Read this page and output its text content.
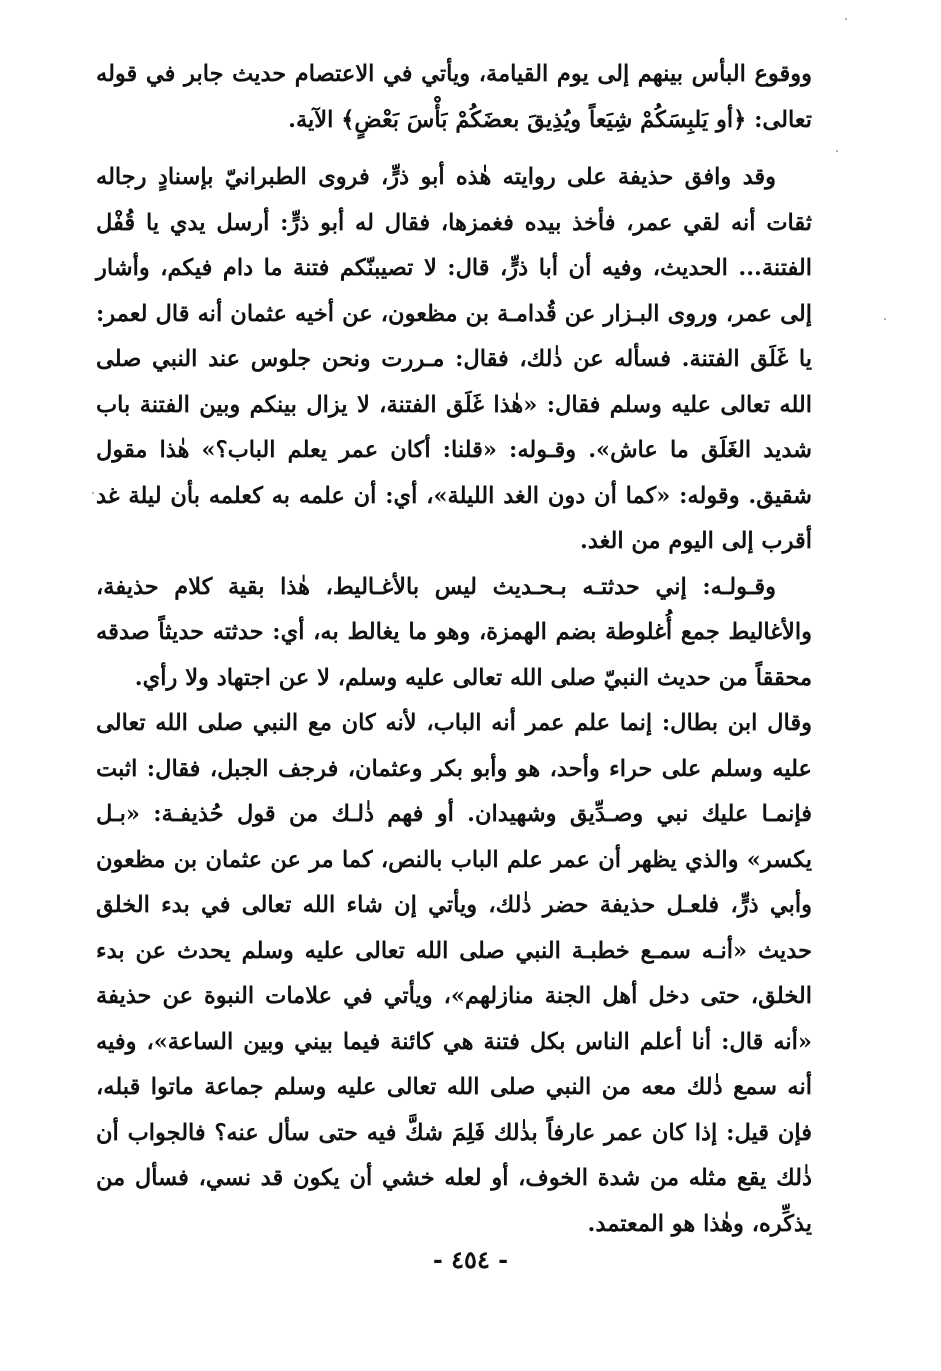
ووقوع البأس بينهم إلى يوم القيامة، ويأتي في الاعتصام حديث جابر في قوله تعالى: ﴿أو يَلبِسَكُمْ شِيَعاً ويُذِيقَ بعضَكُمْ بَأْسَ بَعْضٍ﴾ الآية.

وقد وافق حذيفة على روايته هٰذه أبو ذرٍّ، فروى الطبرانيّ بإسنادٍ رجاله ثقات أنه لقي عمر، فأخذ بيده فغمزها، فقال له أبو ذرٍّ: أرسل يدي يا قُفْل الفتنة... الحديث، وفيه أن أبا ذرٍّ، قال: لا تصيبنّكم فتنة ما دام فيكم، وأشار إلى عمر، وروى البـزار عن قُدامـة بن مظعون، عن أخيه عثمان أنه قال لعمر: يا غَلَق الفتنة. فسأله عن ذٰلك، فقال: مـررت ونحن جلوس عند النبي صلى الله تعالى عليه وسلم فقال: «هٰذا غَلَق الفتنة، لا يزال بينكم وبين الفتنة باب شديد الغَلَق ما عاش». وقـوله: «قلنا: أكان عمر يعلم الباب؟» هٰذا مقول شقيق. وقوله: «كما أن دون الغد الليلة»، أي: أن علمه به كعلمه بأن ليلة غد أقرب إلى اليوم من الغد.

وقـولـه: إني حدثتـه بـحـديث ليس بالأغـاليط، هٰذا بقية كلام حذيفة، والأغاليط جمع أُغلوطة بضم الهمزة، وهو ما يغالط به، أي: حدثته حديثاً صدقه محققاً من حديث النبيّ صلى الله تعالى عليه وسلم، لا عن اجتهاد ولا رأي.

وقال ابن بطال: إنما علم عمر أنه الباب، لأنه كان مع النبي صلى الله تعالى عليه وسلم على حراء وأحد، هو وأبو بكر وعثمان، فرجف الجبل، فقال: اثبت فإنمـا عليك نبي وصـدِّيق وشهيدان. أو فهم ذٰلـك من قول حُذيفـة: «بـل يكسر» والذي يظهر أن عمر علم الباب بالنص، كما مر عن عثمان بن مظعون وأبي ذرٍّ، فلعـل حذيفة حضر ذٰلك، ويأتي إن شاء الله تعالى في بدء الخلق حديث «أنـه سمـع خطبـة النبي صلى الله تعالى عليه وسلم يحدث عن بدء الخلق، حتى دخل أهل الجنة منازلهم»، ويأتي في علامات النبوة عن حذيفة «أنه قال: أنا أعلم الناس بكل فتنة هي كائنة فيما بيني وبين الساعة»، وفيه أنه سمع ذٰلك معه من النبي صلى الله تعالى عليه وسلم جماعة ماتوا قبله، فإن قيل: إذا كان عمر عارفاً بذٰلك فَلِمَ شكَّ فيه حتى سأل عنه؟ فالجواب أن ذٰلك يقع مثله من شدة الخوف، أو لعله خشي أن يكون قد نسي، فسأل من يذكِّره، وهٰذا هو المعتمد.

- ٤٥٤ -
